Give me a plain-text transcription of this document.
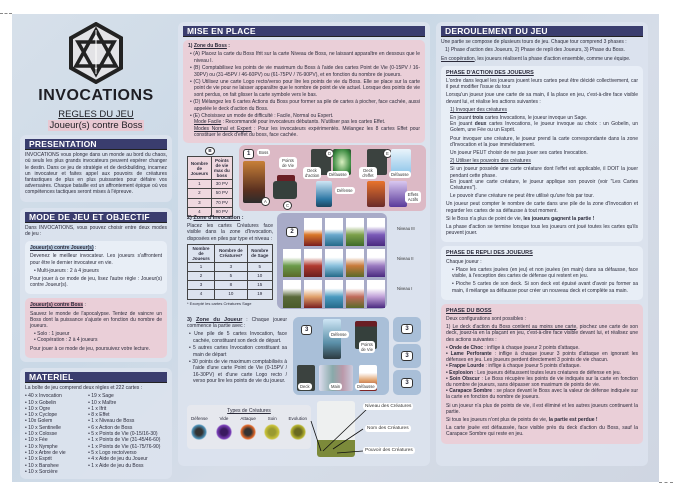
INVOCATIONS
REGLES DU JEU
Joueur(s) contre Boss
PRESENTATION

INVOCATIONS vous plonge dans un monde au bord du chaos, où seuls les plus grands invocateurs peuvent espérer changer le destin. Dans ce jeu de stratégie et de deckbuilding, incarnez un invocateur et faites appel aux pouvoirs de créatures fantastiques de plus en plus puissantes pour défaire vos adversaires. Chaque bataille est un affrontement épique où vos compétences tactiques seront mises à l'épreuve.

MODE DE JEU ET OBJECTIF

Dans INVOCATIONS, vous pouvez choisir entre deux modes de jeu :

Joueur(s) contre Joueur(s) :

Devenez le meilleur invocateur. Les joueurs s'affrontent pour être le dernier invocateur en vie.

• Multi-joueurs : 2 à 4 joueurs

Pour jouer à ce mode de jeu, lisez l'autre règle : Joueur(s) contre Joueur(s).

Joueur(s) contre Boss :

Sauvez le monde de l'apocalypse. Tentez de vaincre un Boss dont la puissance s'ajuste en fonction du nombre de joueurs.

• Solo : 1 joueur

• Coopération : 2 à 4 joueurs

Pour jouer à ce mode de jeu, poursuivez votre lecture.

MATERIEL

La boîte de jeu comprend deux règles et 222 cartes :

• 40 x Invocation
• 10 x Gobelin
• 10 x Ogre
• 10 x Cyclope
• 10x Golem
• 10 x Sentinelle
• 10 x Colosse
• 10 x Fée
• 10 x Nymphe
• 10 x Arbre de vie
• 10 x Esprit
• 10 x Banshee
• 10 x Sorcière
• 19 x Sage
• 10 x Maître
• 1 x Ifrit
• 8 x Effet
• 1 x Niveau de Boss
• 6 x Action de Boss
• 5 x Points de Vie (0-15/16-30)
• 1 x Points de Vie (31-45/46-60)
• 1 x Points de Vie (61-75/76-90)
• 5 x Logo recto/verso
• 4 x Aide de jeu du Joueur
• 1 x Aide de jeu du Boss
MISE EN PLACE

1) Zone du Boss :

• (A) Placez la carte du Boss Ifrit sur la carte Niveau de Boss, ne laissant apparaître en dessous que le niveau I.

• (B) Comptabilisez les points de vie maximum du Boss à l'aide des cartes Point de Vie (0-15PV / 16-30PV) ou (31-45PV / 46-60PV) ou (61-75PV / 76-90PV), et en fonction du nombre de joueurs.

• (C) Utilisez une carte Logo recto/verso pour lire les points de vie du Boss. Elle se place sur la carte point de vie pour ne laisser apparaître que le nombre de point de vie actuel. Lorsque des points de vie sont perdus, on fait glisser la carte symbole vers le bas.

• (D) Mélangez les 6 cartes Actions du Boss pour former sa pile de cartes à piocher, face cachée, aussi appelée le deck d'action du Boss.

• (E) Choisissez un mode de difficulté : Facile, Normal ou Expert.

Mode Facile : Recommandé pour invocateurs débutants. N'utiliser pas les cartes Effet.

Modes Normal et Expert : Pour les invocateurs expérimentés. Mélangez les 8 cartes Effet pour constituer le deck d'effet du boss, face cachée.

B
Nombre de Joueurs	Points de vie max du boss
1	30 PV
2	50 PV
3	70 PV
4	90 PV
1	Boss
A
Points de Vie
C
D
Deck d'action	Défausse
Défense
E
Deck d'effet	Défausse
Effets Actifs

2) Zone d'Invocation :

Placez les cartes Créatures face visible dans la zone d'Invocation, disposées en piles par type et niveau :

Nombre de Joueurs	Nombre de Créatures*	Nombre de Sage
1	3	5
2	5	10
3	8	15
4	10	19

* Excepté les cartes Créatures Sage

2
Niveau III
Niveau II
Niveau I

3) Zone du Joueur : Chaque joueur commence la partie avec :

• Une pile de 5 cartes Invocation, face cachée, constituant son deck de départ.

• 5 autres cartes Invocation constituant sa main de départ

• 30 points de vie maximum comptabilisés à l'aide d'une carte Point de Vie (0-15PV / 16-30PV) et d'une carte Logo recto / verso pour lire les points de vie du joueur.

3
Défense
Points de Vie
Deck	Main	Défausse
3
3
3
Types de Créatures
Défense	Vide	Attaque	Soin	Evolution
Niveau des Créatures
Nom des Créatures
Pouvoir des Créatures
DEROULEMENT DU JEU

Une partie se compose de plusieurs tours de jeu. Chaque tour comprend 3 phases :

1) Phase d'action des Joueurs, 2) Phase de repli des Joueurs, 3) Phase du Boss.

En coopération, les joueurs réalisent la phase d'action ensemble, comme une équipe.

PHASE D'ACTION DES JOUEURS

L'ordre dans lequel les joueurs jouent leurs cartes peut être décidé collectivement, car il peut modifier l'issue du tour

Lorsqu'un joueur joue une carte de sa main, il la place en jeu, c'est-à-dire face visible devant lui, et réalise les actions suivantes :

1) Invoquer des créatures

En jouant trois cartes Invocations, le joueur invoque un Sage.

En jouant deux cartes Invocations, le joueur invoque au choix : un Gobelin, un Golem, une Fée ou un Esprit.

Pour invoquer une créature, le joueur prend la carte correspondante dans la zone d'Invocation et la joue immédiatement.

Un joueur PEUT choisir de ne pas jouer ses cartes Invocation.

2) Utiliser les pouvoirs des créatures

Si un joueur possède une carte créature dont l'effet est applicable, il DOIT la jouer pendant cette phase.

En jouant une carte créature, le joueur applique son pouvoir (voir "Les Cartes Créatures").

Le pouvoir d'une créature ne peut être utilisé qu'une fois par tour.

Un joueur peut compter le nombre de carte dans une pile de la zone d'Invocation et regarder les cartes de sa défausse à tout moment.

Si le Boss n'a plus de point de vie, les joueurs gagnent la partie !

La phase d'action se termine lorsque tous les joueurs ont joué toutes les cartes qu'ils peuvent jouer.

PHASE DE REPLI DES JOUEURS

Chaque joueur :

• Place les cartes jouées (en jeu) et non jouées (en main) dans sa défausse, face visible, à l'exception des cartes de défense qui restent en jeu.

• Pioche 5 cartes de son deck. Si son deck est épuisé avant d'avoir pu former sa main, il mélange sa défausse pour créer un nouveau deck et complète sa main.

PHASE DU BOSS

Deux configurations sont possibles :

1) Le deck d'action du Boss contient au moins une carte, piochez une carte de son deck, jouez-la en la plaçant en jeu, c'est-à-dire face visible devant lui, et réalisez une des actions suivantes :

• Onde de Choc : inflige à chaque joueur 2 points d'attaque.

• Lame Perforante : inflige à chaque joueur 3 points d'attaque en ignorant les défenses en jeu. Les joueurs perdent directement 3 points de vie chacun.

• Frappe Lourde : inflige à chaque joueur 5 points d'attaque.

• Explosion : Les joueurs défaussent toutes leurs créatures de défense en jeu.

• Soin Obscur : Le Boss récupère les points de vie indiqués sur la carte en fonction du nombre de joueurs, sans dépasser son maximum de points de vie.

• Carapace Sombre : se place devant le Boss avec la valeur de défense indiquée sur la carte en fonction du nombre de joueurs.

Si un joueur n'a plus de points de vie, il est éliminé et les autres joueurs continuent la partie.

Si tous les joueurs n'ont plus de points de vie, la partie est perdue !

La carte jouée est défaussée, face visible près du deck d'action du Boss, sauf la Carapace Sombre qui reste en jeu.
